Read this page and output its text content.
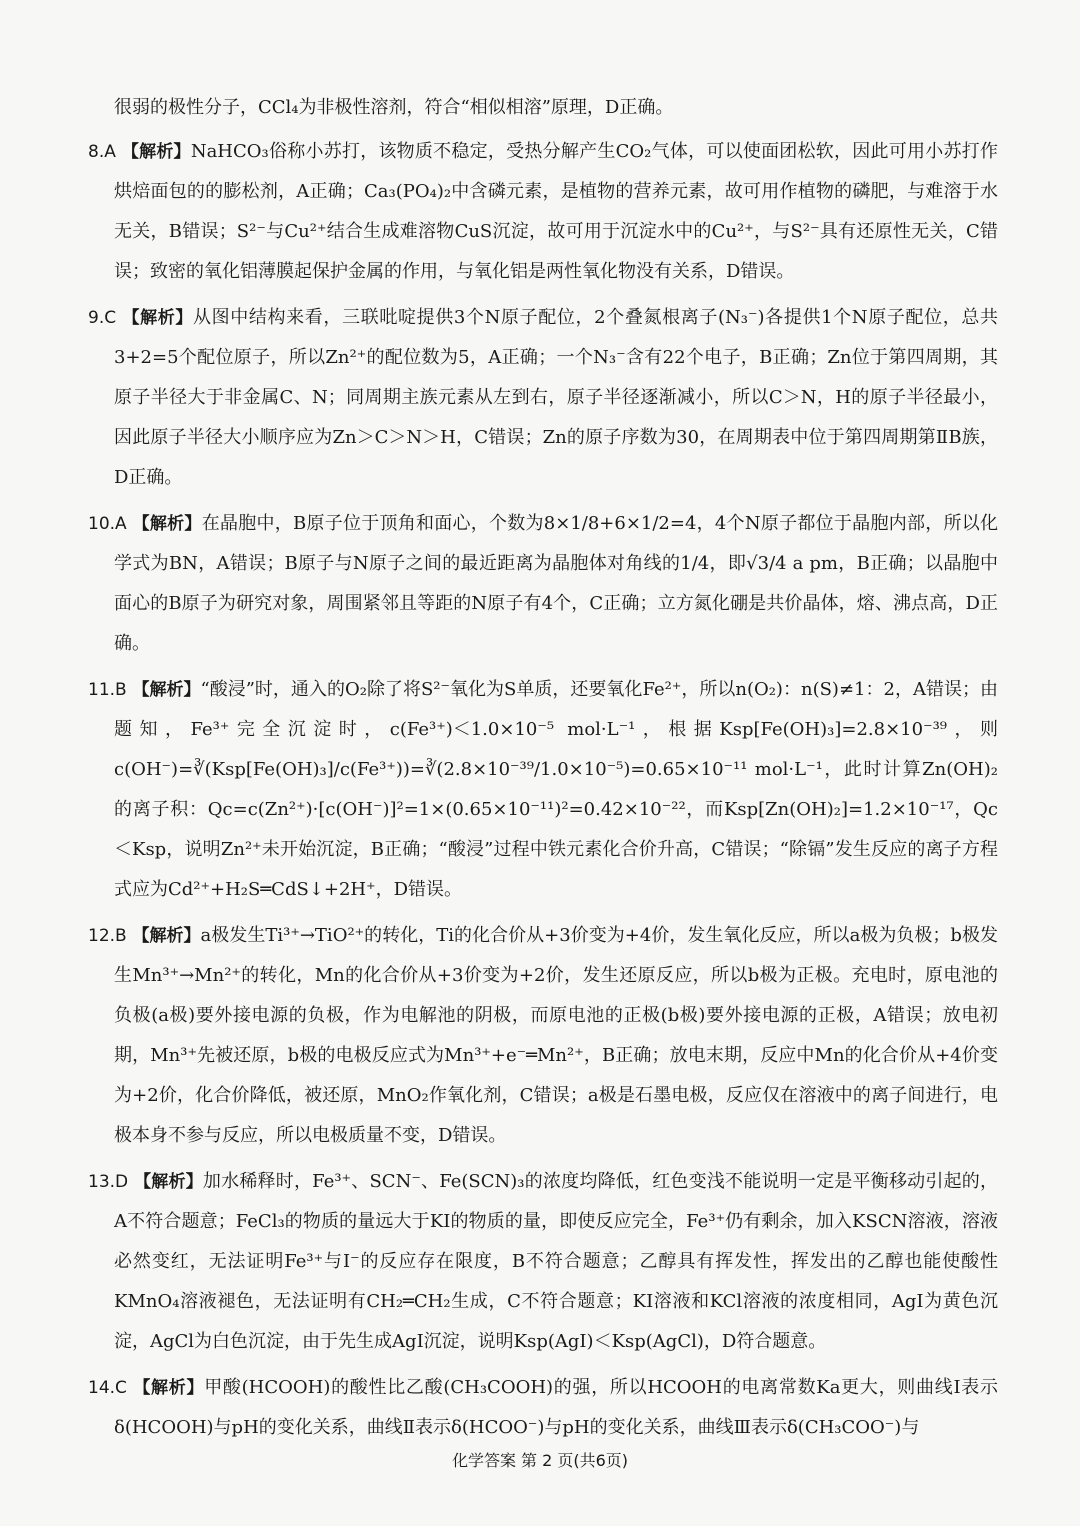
很弱的极性分子，CCl₄为非极性溶剂，符合“相似相溶”原理，D正确。

8.A 【解析】NaHCO₃俗称小苏打，该物质不稳定，受热分解产生CO₂气体，可以使面团松软，因此可用小苏打作烘焙面包的的膨松剂，A正确；Ca₃(PO₄)₂中含磷元素，是植物的营养元素，故可用作植物的磷肥，与难溶于水无关，B错误；S²⁻与Cu²⁺结合生成难溶物CuS沉淀，故可用于沉淀水中的Cu²⁺，与S²⁻具有还原性无关，C错误；致密的氧化铝薄膜起保护金属的作用，与氧化铝是两性氧化物没有关系，D错误。

9.C 【解析】从图中结构来看，三联吡啶提供3个N原子配位，2个叠氮根离子(N₃⁻)各提供1个N原子配位，总共3+2=5个配位原子，所以Zn²⁺的配位数为5，A正确；一个N₃⁻含有22个电子，B正确；Zn位于第四周期，其原子半径大于非金属C、N；同周期主族元素从左到右，原子半径逐渐减小，所以C＞N，H的原子半径最小，因此原子半径大小顺序应为Zn＞C＞N＞H，C错误；Zn的原子序数为30，在周期表中位于第四周期第ⅡB族，D正确。

10.A 【解析】在晶胞中，B原子位于顶角和面心，个数为8×1/8+6×1/2=4，4个N原子都位于晶胞内部，所以化学式为BN，A错误；B原子与N原子之间的最近距离为晶胞体对角线的1/4，即√3/4 a pm，B正确；以晶胞中面心的B原子为研究对象，周围紧邻且等距的N原子有4个，C正确；立方氮化硼是共价晶体，熔、沸点高，D正确。

11.B 【解析】“酸浸”时，通入的O₂除了将S²⁻氧化为S单质，还要氧化Fe²⁺，所以n(O₂)：n(S)≠1：2，A错误；由题知，Fe³⁺完全沉淀时，c(Fe³⁺)＜1.0×10⁻⁵ mol·L⁻¹，根据Ksp[Fe(OH)₃]=2.8×10⁻³⁹，则c(OH⁻)=∛(Ksp[Fe(OH)₃]/c(Fe³⁺))=∛(2.8×10⁻³⁹/1.0×10⁻⁵)=0.65×10⁻¹¹ mol·L⁻¹，此时计算Zn(OH)₂的离子积：Qc=c(Zn²⁺)·[c(OH⁻)]²=1×(0.65×10⁻¹¹)²=0.42×10⁻²²，而Ksp[Zn(OH)₂]=1.2×10⁻¹⁷，Qc＜Ksp，说明Zn²⁺未开始沉淀，B正确；“酸浸”过程中铁元素化合价升高，C错误；“除镉”发生反应的离子方程式应为Cd²⁺+H₂S═CdS↓+2H⁺，D错误。

12.B 【解析】a极发生Ti³⁺→TiO²⁺的转化，Ti的化合价从+3价变为+4价，发生氧化反应，所以a极为负极；b极发生Mn³⁺→Mn²⁺的转化，Mn的化合价从+3价变为+2价，发生还原反应，所以b极为正极。充电时，原电池的负极(a极)要外接电源的负极，作为电解池的阴极，而原电池的正极(b极)要外接电源的正极，A错误；放电初期，Mn³⁺先被还原，b极的电极反应式为Mn³⁺+e⁻═Mn²⁺，B正确；放电末期，反应中Mn的化合价从+4价变为+2价，化合价降低，被还原，MnO₂作氧化剂，C错误；a极是石墨电极，反应仅在溶液中的离子间进行，电极本身不参与反应，所以电极质量不变，D错误。

13.D 【解析】加水稀释时，Fe³⁺、SCN⁻、Fe(SCN)₃的浓度均降低，红色变浅不能说明一定是平衡移动引起的，A不符合题意；FeCl₃的物质的量远大于KI的物质的量，即使反应完全，Fe³⁺仍有剩余，加入KSCN溶液，溶液必然变红，无法证明Fe³⁺与I⁻的反应存在限度，B不符合题意；乙醇具有挥发性，挥发出的乙醇也能使酸性KMnO₄溶液褪色，无法证明有CH₂═CH₂生成，C不符合题意；KI溶液和KCl溶液的浓度相同，AgI为黄色沉淀，AgCl为白色沉淀，由于先生成AgI沉淀，说明Ksp(AgI)＜Ksp(AgCl)，D符合题意。

14.C 【解析】甲酸(HCOOH)的酸性比乙酸(CH₃COOH)的强，所以HCOOH的电离常数Ka更大，则曲线Ⅰ表示δ(HCOOH)与pH的变化关系，曲线Ⅱ表示δ(HCOO⁻)与pH的变化关系，曲线Ⅲ表示δ(CH₃COO⁻)与

化学答案 第 2 页(共6页)
